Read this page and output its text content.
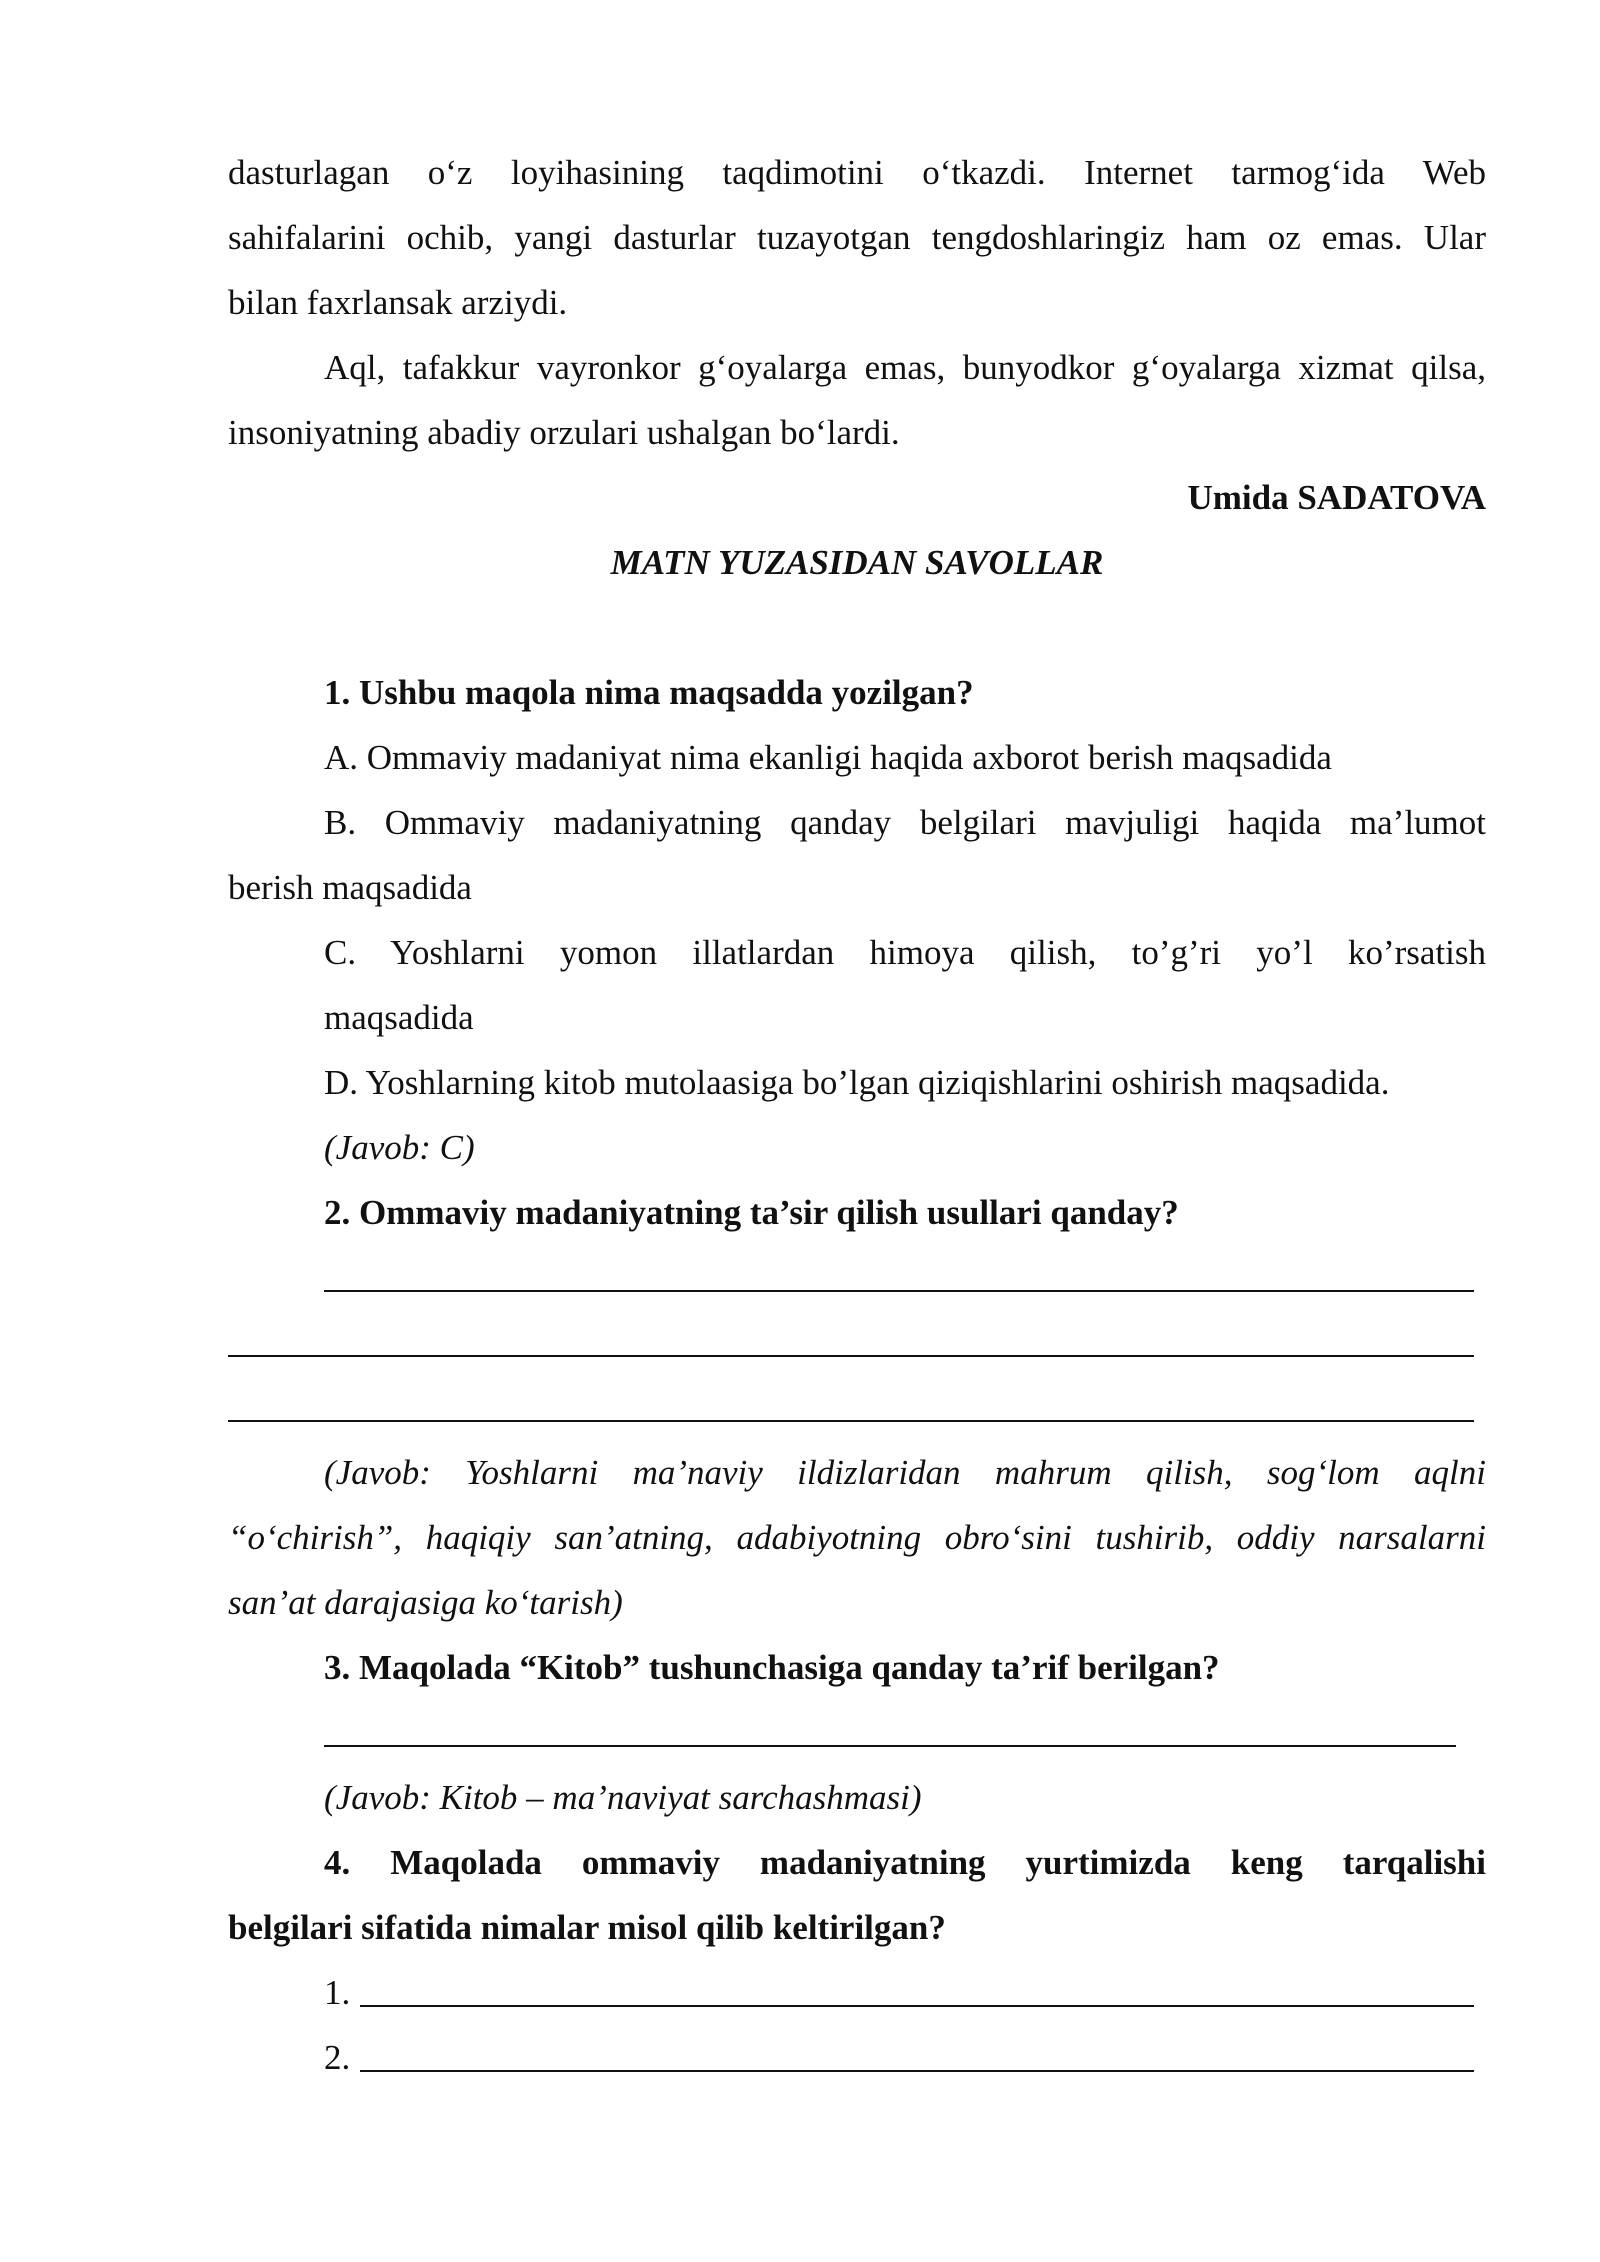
dasturlagan o‘z loyihasining taqdimotini o‘tkazdi. Internet tarmog‘ida Web
sahifalarini ochib, yangi dasturlar tuzayotgan tengdoshlaringiz ham oz emas. Ular
bilan faxrlansak arziydi.
Aql, tafakkur vayronkor g‘oyalarga emas, bunyodkor g‘oyalarga xizmat qilsa,
insoniyatning abadiy orzulari ushalgan bo‘lardi.
Umida SADATOVA
MATN YUZASIDAN SAVOLLAR
1. Ushbu maqola nima maqsadda yozilgan?
A. Ommaviy madaniyat nima ekanligi haqida axborot berish maqsadida
B. Ommaviy madaniyatning qanday belgilari mavjuligi haqida ma’lumot
berish maqsadida
C. Yoshlarni yomon illatlardan himoya qilish, to’g’ri yo’l ko’rsatish
maqsadida
D. Yoshlarning kitob mutolaasiga bo’lgan qiziqishlarini oshirish maqsadida.
(Javob: C)
2. Ommaviy madaniyatning ta’sir qilish usullari qanday?
(Javob: Yoshlarni ma’naviy ildizlaridan mahrum qilish, sog‘lom aqlni
“o‘chirish”, haqiqiy san’atning, adabiyotning obro‘sini tushirib, oddiy narsalarni
san’at darajasiga ko‘tarish)
3. Maqolada “Kitob” tushunchasiga qanday ta’rif berilgan?
(Javob: Kitob – ma’naviyat sarchashmasi)
4. Maqolada ommaviy madaniyatning yurtimizda keng tarqalishi
belgilari sifatida nimalar misol qilib keltirilgan?
1.
2.
